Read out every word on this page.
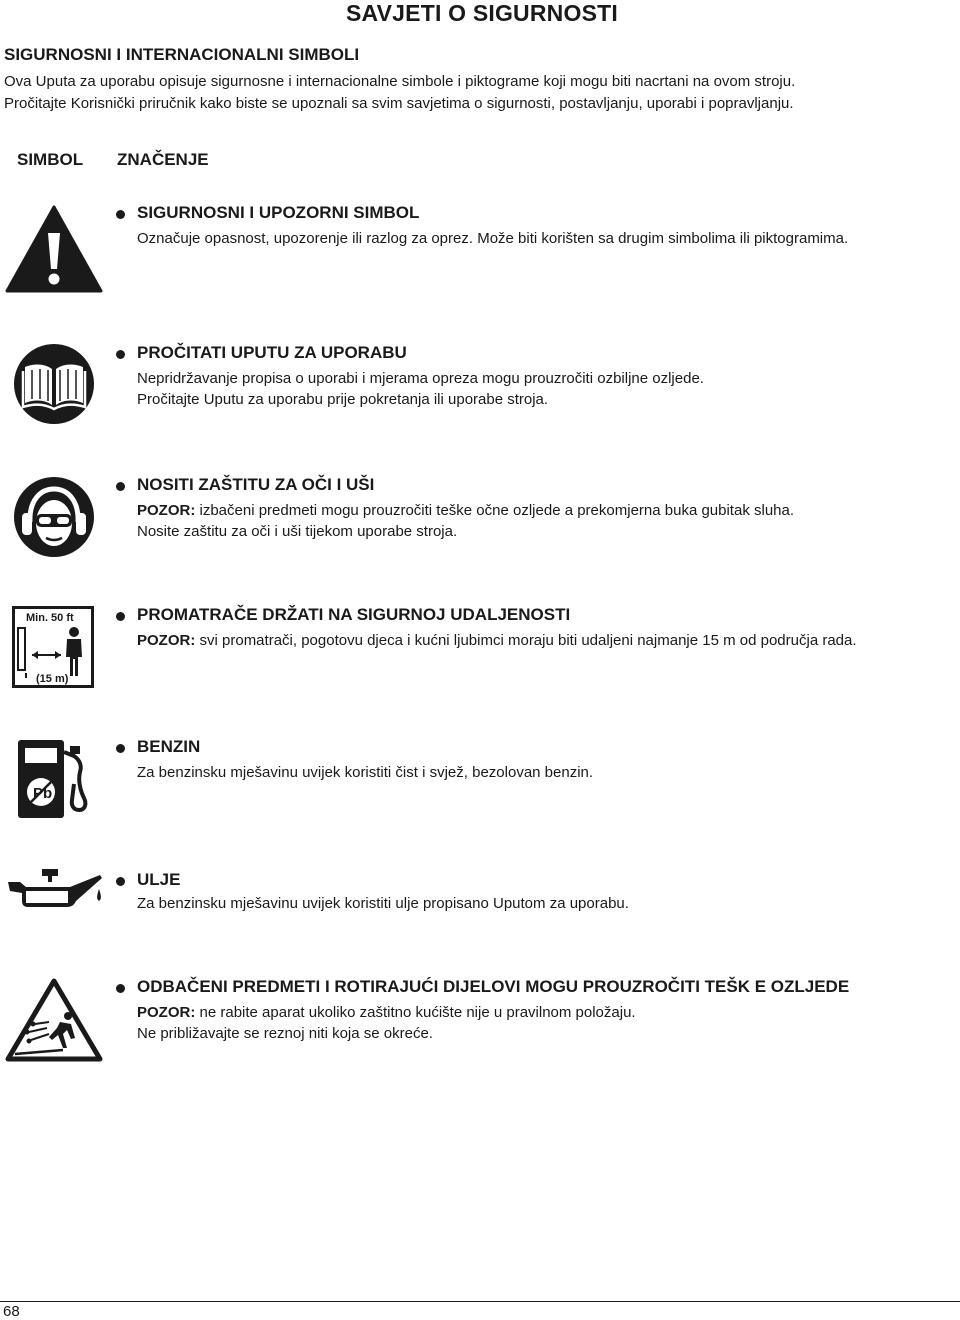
SAVJETI O SIGURNOSTI
SIGURNOSNI I INTERNACIONALNI SIMBOLI
Ova Uputa za uporabu opisuje sigurnosne i internacionalne simbole i piktograme koji mogu biti nacrtani na ovom stroju.
Pročitajte Korisnički priručnik kako biste se upoznali sa svim savjetima o sigurnosti, postavljanju, uporabi i popravljanju.
SIMBOL ZNAČENJE
SIGURNOSNI I UPOZORNI SIMBOL
Označuje opasnost, upozorenje ili razlog za oprez. Može biti korišten sa drugim simbolima ili piktogramima.
PROČITATI UPUTU ZA UPORABU
Nepridržavanje propisa o uporabi i mjerama opreza mogu prouzročiti ozbiljne ozljede.
Pročitajte Uputu za uporabu prije pokretanja ili uporabe stroja.
NOSITI ZAŠTITU ZA OČI I UŠI
POZOR: izbačeni predmeti mogu prouzročiti teške očne ozljede a prekomjerna buka gubitak sluha.
Nosite zaštitu za oči i uši tijekom uporabe stroja.
Min. 50 ft
(15 m)
PROMATRAČE DRŽATI NA SIGURNOJ UDALJENOSTI
POZOR: svi promatrači, pogotovu djeca i kućni ljubimci moraju biti udaljeni najmanje 15 m od područja rada.
Pb
BENZIN
Za benzinsku mješavinu uvijek koristiti čist i svjež, bezolovan benzin.
ULJE
Za benzinsku mješavinu uvijek koristiti ulje propisano Uputom za uporabu.
ODBAČENI PREDMETI I ROTIRAJUĆI DIJELOVI MOGU PROUZROČITI TEŠK E OZLJEDE
POZOR: ne rabite aparat ukoliko zaštitno kućište nije u pravilnom položaju.
Ne približavajte se reznoj niti koja se okreće.
68
